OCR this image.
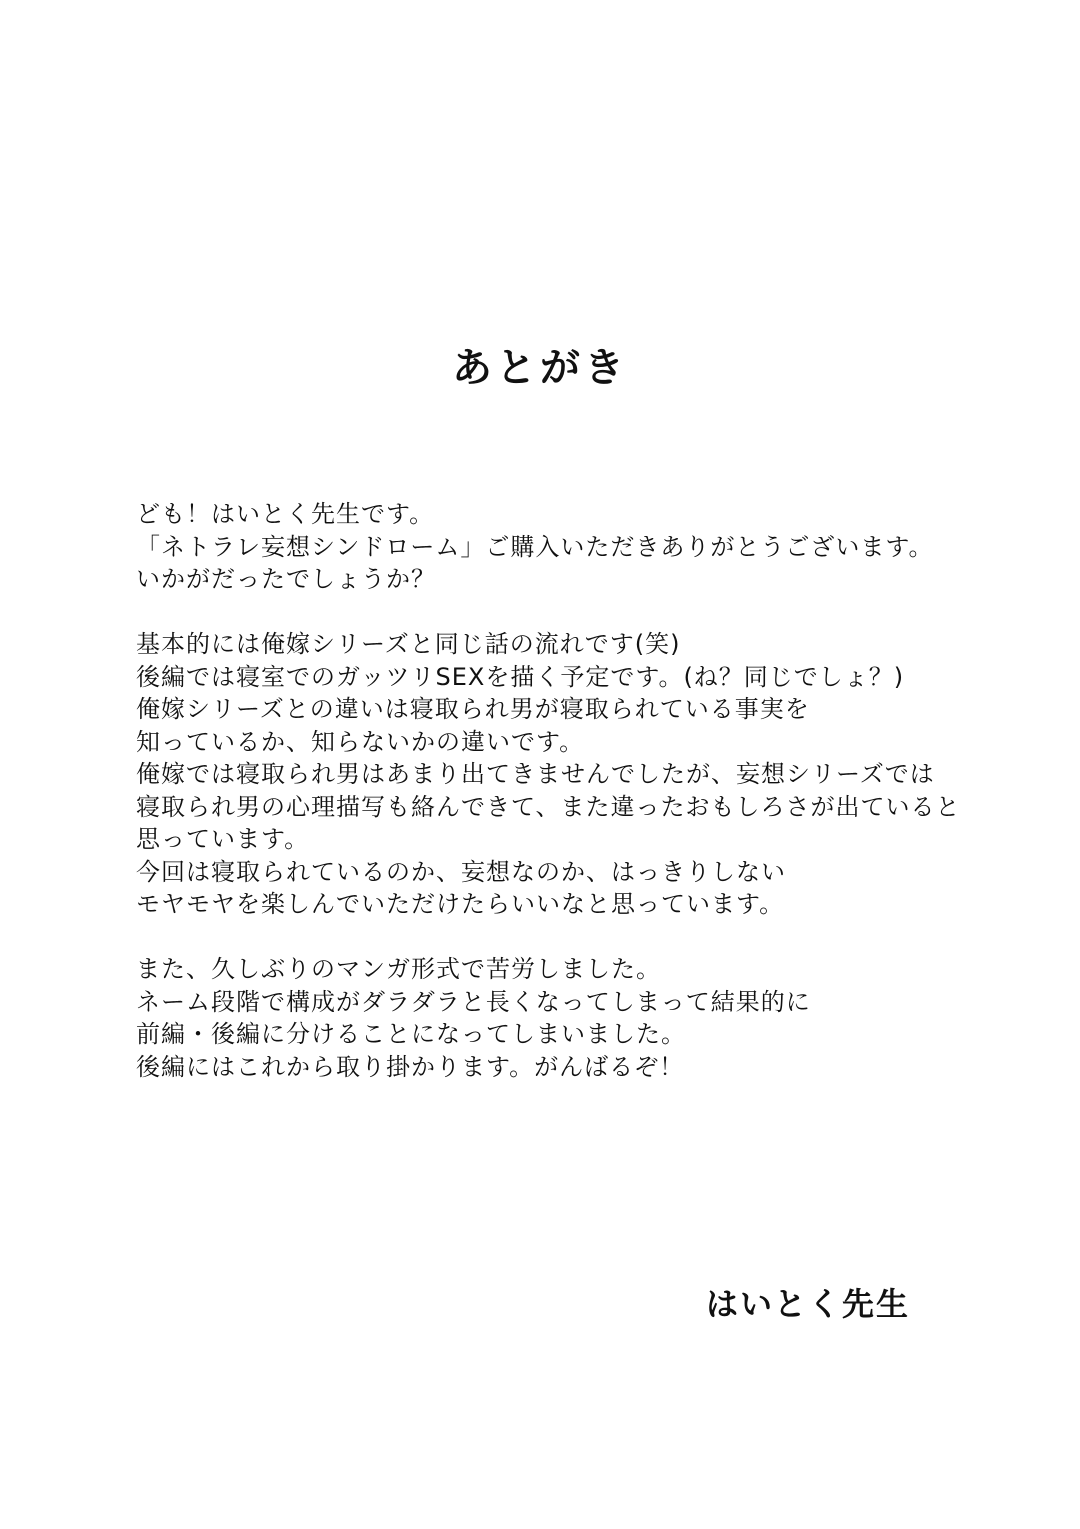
あとがき
ども！はいとく先生です。
「ネトラレ妄想シンドローム」ご購入いただきありがとうございます。
いかがだったでしょうか？
基本的には俺嫁シリーズと同じ話の流れです(笑)
後編では寝室でのガッツリSEXを描く予定です。(ね？同じでしょ？)
俺嫁シリーズとの違いは寝取られ男が寝取られている事実を
知っているか、知らないかの違いです。
俺嫁では寝取られ男はあまり出てきませんでしたが、妄想シリーズでは
寝取られ男の心理描写も絡んできて、また違ったおもしろさが出ていると
思っています。
今回は寝取られているのか、妄想なのか、はっきりしない
モヤモヤを楽しんでいただけたらいいなと思っています。
また、久しぶりのマンガ形式で苦労しました。
ネーム段階で構成がダラダラと長くなってしまって結果的に
前編・後編に分けることになってしまいました。
後編にはこれから取り掛かります。がんばるぞ！
はいとく先生
